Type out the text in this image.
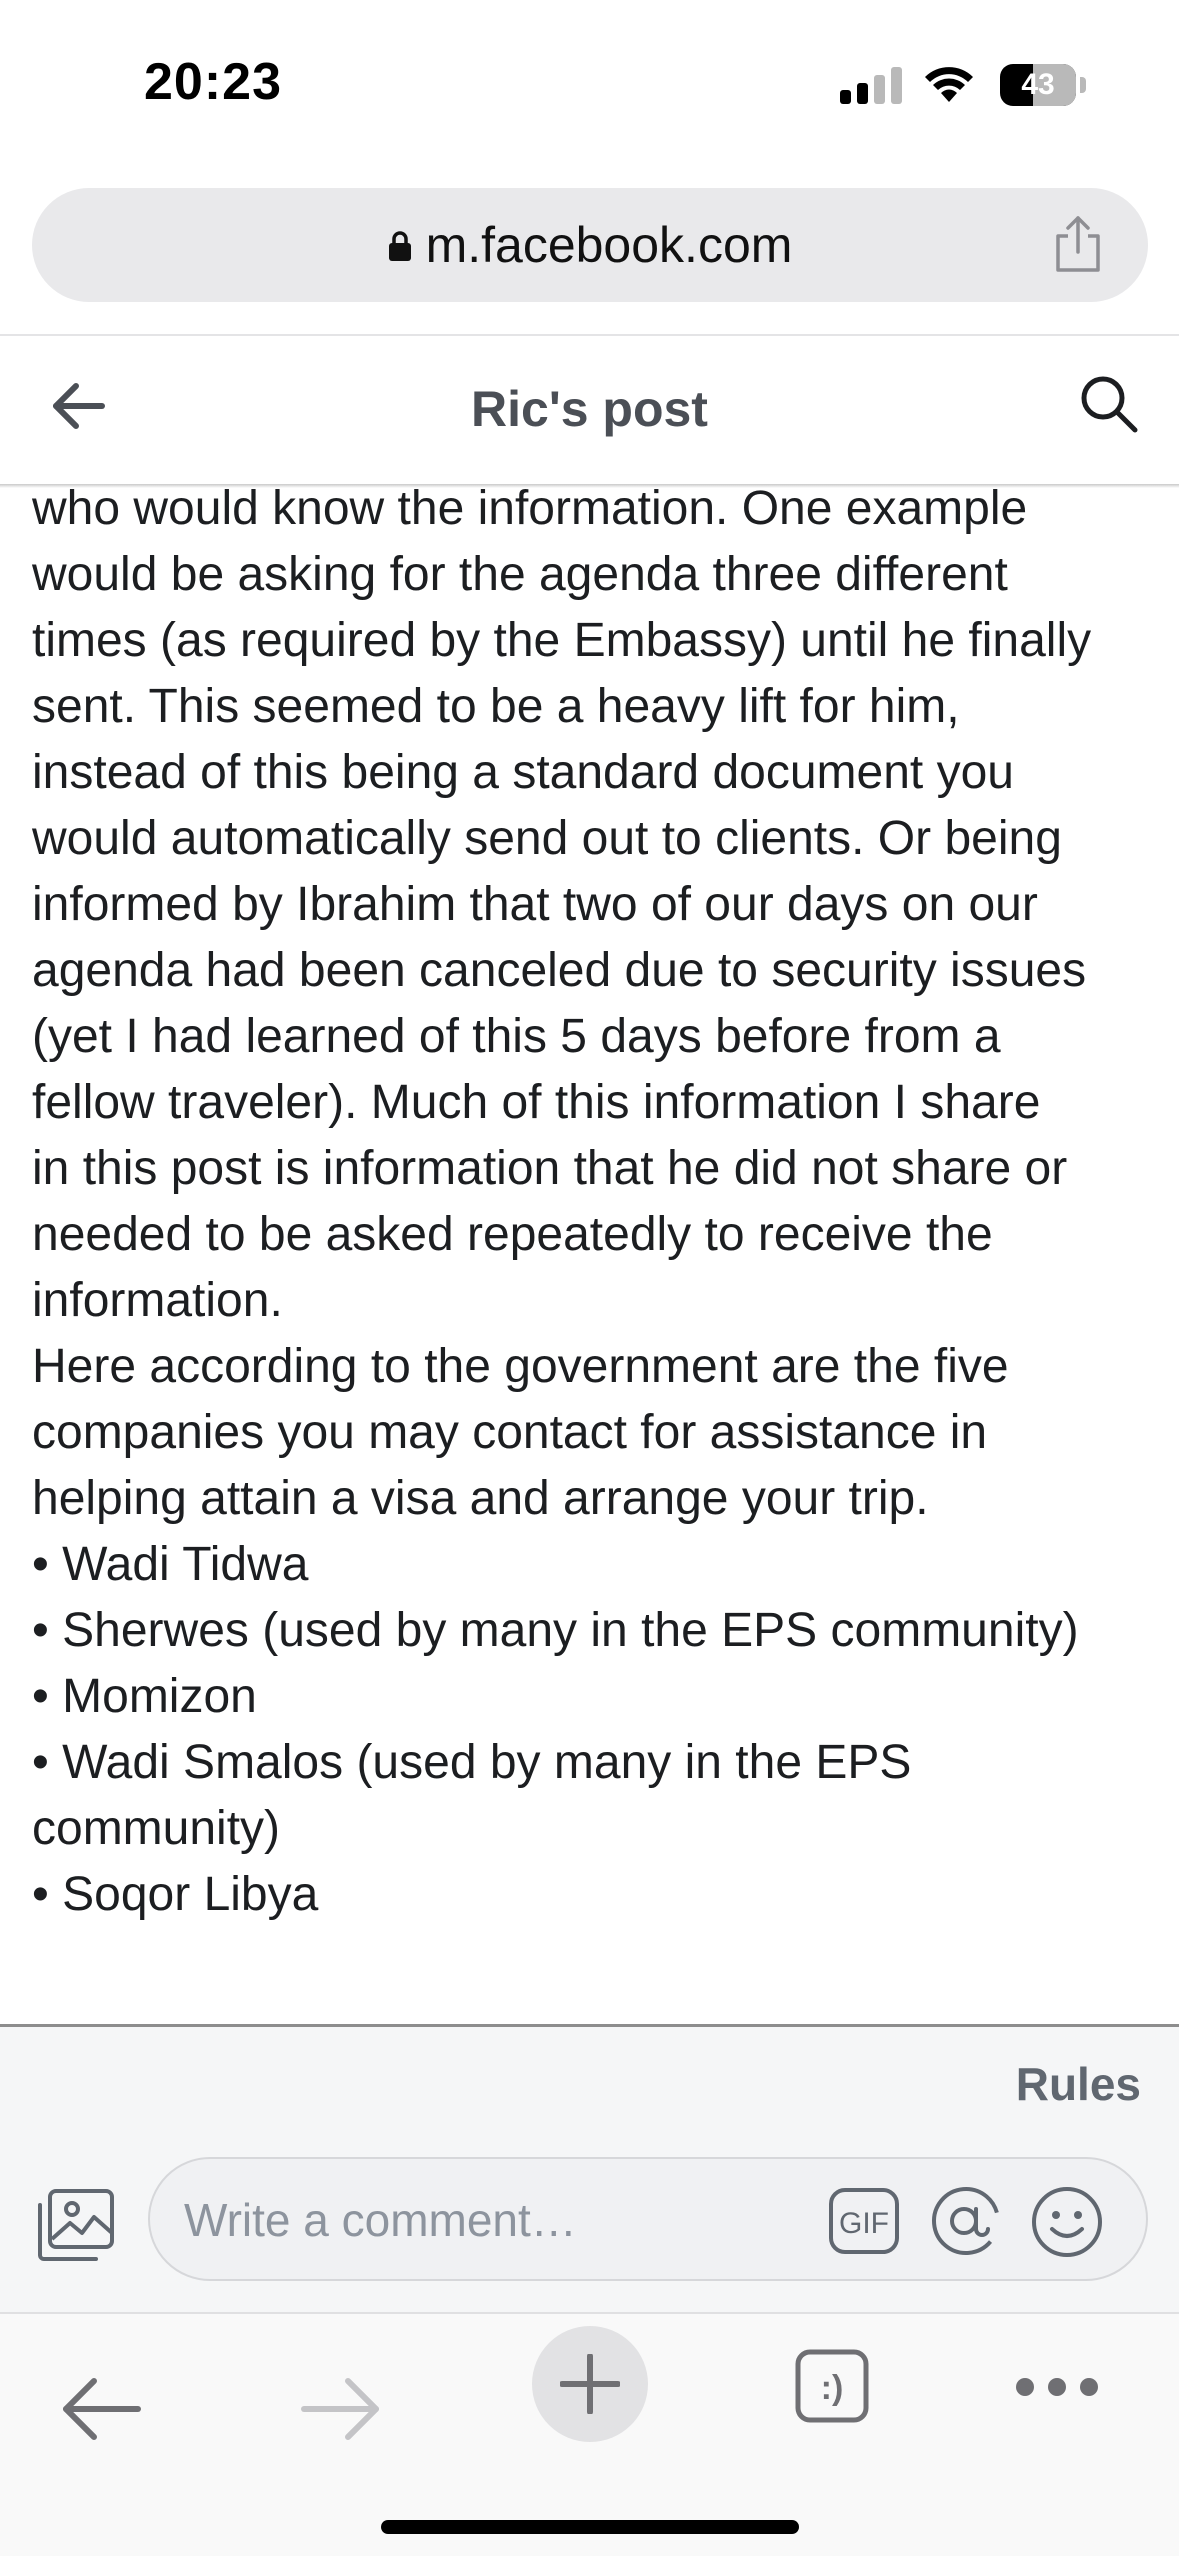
20:23	43
m.facebook.com
Ric's post
who would know the information. One example
would be asking for the agenda three different
times (as required by the Embassy) until he finally
sent. This seemed to be a heavy lift for him,
instead of this being a standard document you
would automatically send out to clients. Or being
informed by Ibrahim that two of our days on our
agenda had been canceled due to security issues
(yet I had learned of this 5 days before from a
fellow traveler). Much of this information I share
in this post is information that he did not share or
needed to be asked repeatedly to receive the
information.
Here according to the government are the five
companies you may contact for assistance in
helping attain a visa and arrange your trip.
• Wadi Tidwa
• Sherwes (used by many in the EPS community)
• Momizon
• Wadi Smalos (used by many in the EPS community)
• Soqor Libya
Rules
Write a comment…	GIF
:)
